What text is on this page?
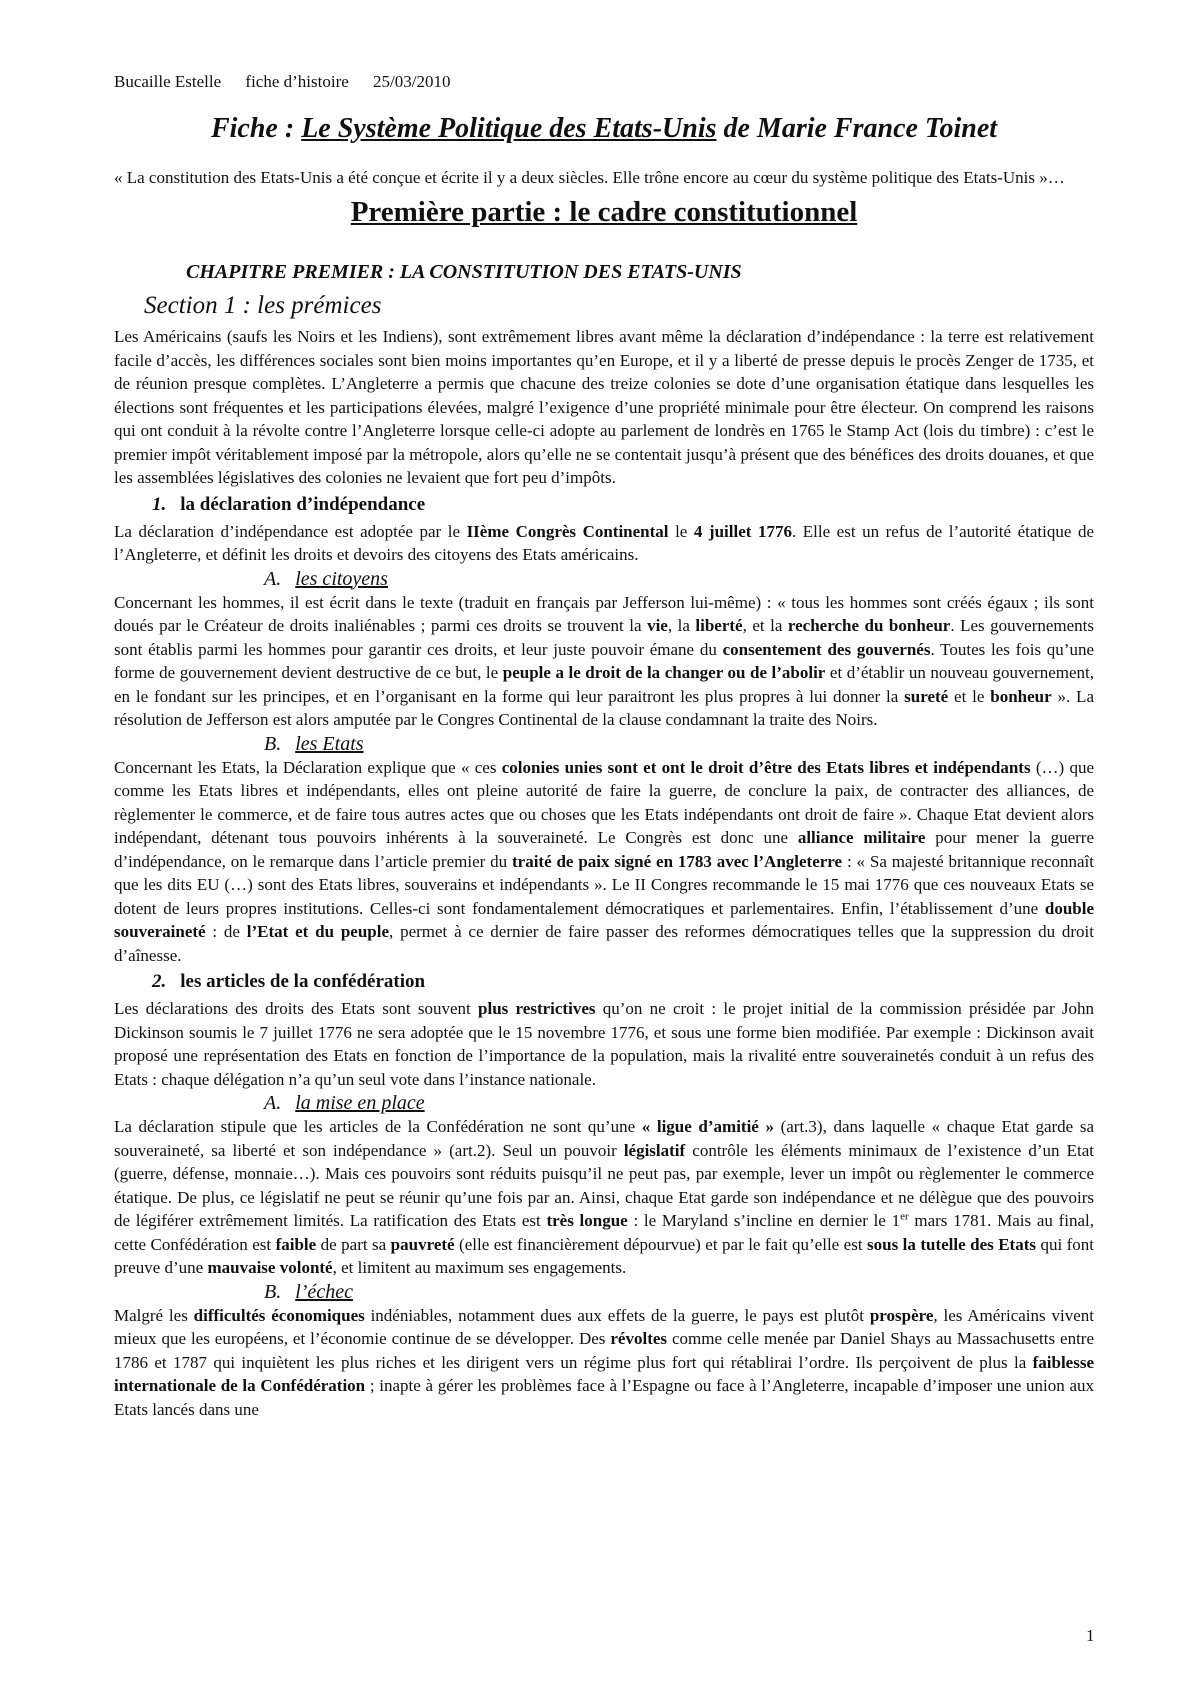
Bucaille Estelle fiche d’histoire 25/03/2010
Fiche : Le Système Politique des Etats-Unis de Marie France Toinet

« La constitution des Etats-Unis a été conçue et écrite il y a deux siècles. Elle trône encore au cœur du système politique des Etats-Unis »…

Première partie : le cadre constitutionnel
CHAPITRE PREMIER : LA CONSTITUTION DES ETATS-UNIS
Section 1 : les prémices

Les Américains (saufs les Noirs et les Indiens), sont extrêmement libres avant même la déclaration d’indépendance : la terre est relativement facile d’accès, les différences sociales sont bien moins importantes qu’en Europe, et il y a liberté de presse depuis le procès Zenger de 1735, et de réunion presque complètes. L’Angleterre a permis que chacune des treize colonies se dote d’une organisation étatique dans lesquelles les élections sont fréquentes et les participations élevées, malgré l’exigence d’une propriété minimale pour être électeur. On comprend les raisons qui ont conduit à la révolte contre l’Angleterre lorsque celle-ci adopte au parlement de londrès en 1765 le Stamp Act (lois du timbre) : c’est le premier impôt véritablement imposé par la métropole, alors qu’elle ne se contentait jusqu’à présent que des bénéfices des droits douanes, et que les assemblées législatives des colonies ne levaient que fort peu d’impôts.

1. la déclaration d’indépendance

La déclaration d’indépendance est adoptée par le IIème Congrès Continental le 4 juillet 1776. Elle est un refus de l’autorité étatique de l’Angleterre, et définit les droits et devoirs des citoyens des Etats américains.

A. les citoyens

Concernant les hommes, il est écrit dans le texte (traduit en français par Jefferson lui-même) : « tous les hommes sont créés égaux ; ils sont doués par le Créateur de droits inaliénables ; parmi ces droits se trouvent la vie, la liberté, et la recherche du bonheur. Les gouvernements sont établis parmi les hommes pour garantir ces droits, et leur juste pouvoir émane du consentement des gouvernés. Toutes les fois qu’une forme de gouvernement devient destructive de ce but, le peuple a le droit de la changer ou de l’abolir et d’établir un nouveau gouvernement, en le fondant sur les principes, et en l’organisant en la forme qui leur paraitront les plus propres à lui donner la sureté et le bonheur ». La résolution de Jefferson est alors amputée par le Congres Continental de la clause condamnant la traite des Noirs.

B. les Etats

Concernant les Etats, la Déclaration explique que « ces colonies unies sont et ont le droit d’être des Etats libres et indépendants (…) que comme les Etats libres et indépendants, elles ont pleine autorité de faire la guerre, de conclure la paix, de contracter des alliances, de règlementer le commerce, et de faire tous autres actes que ou choses que les Etats indépendants ont droit de faire ». Chaque Etat devient alors indépendant, détenant tous pouvoirs inhérents à la souveraineté. Le Congrès est donc une alliance militaire pour mener la guerre d’indépendance, on le remarque dans l’article premier du traité de paix signé en 1783 avec l’Angleterre : « Sa majesté britannique reconnaît que les dits EU (…) sont des Etats libres, souverains et indépendants ». Le II Congres recommande le 15 mai 1776 que ces nouveaux Etats se dotent de leurs propres institutions. Celles-ci sont fondamentalement démocratiques et parlementaires. Enfin, l’établissement d’une double souveraineté : de l’Etat et du peuple, permet à ce dernier de faire passer des reformes démocratiques telles que la suppression du droit d’aînesse.

2. les articles de la confédération

Les déclarations des droits des Etats sont souvent plus restrictives qu’on ne croit : le projet initial de la commission présidée par John Dickinson soumis le 7 juillet 1776 ne sera adoptée que le 15 novembre 1776, et sous une forme bien modifiée. Par exemple : Dickinson avait proposé une représentation des Etats en fonction de l’importance de la population, mais la rivalité entre souverainetés conduit à un refus des Etats : chaque délégation n’a qu’un seul vote dans l’instance nationale.

A. la mise en place

La déclaration stipule que les articles de la Confédération ne sont qu’une « ligue d’amitié » (art.3), dans laquelle « chaque Etat garde sa souveraineté, sa liberté et son indépendance » (art.2). Seul un pouvoir législatif contrôle les éléments minimaux de l’existence d’un Etat (guerre, défense, monnaie…). Mais ces pouvoirs sont réduits puisqu’il ne peut pas, par exemple, lever un impôt ou règlementer le commerce étatique. De plus, ce législatif ne peut se réunir qu’une fois par an. Ainsi, chaque Etat garde son indépendance et ne délègue que des pouvoirs de légiférer extrêmement limités. La ratification des Etats est très longue : le Maryland s’incline en dernier le 1er mars 1781. Mais au final, cette Confédération est faible de part sa pauvreté (elle est financièrement dépourvue) et par le fait qu’elle est sous la tutelle des Etats qui font preuve d’une mauvaise volonté, et limitent au maximum ses engagements.

B. l’échec

Malgré les difficultés économiques indéniables, notamment dues aux effets de la guerre, le pays est plutôt prospère, les Américains vivent mieux que les européens, et l’économie continue de se développer. Des révoltes comme celle menée par Daniel Shays au Massachusetts entre 1786 et 1787 qui inquiètent les plus riches et les dirigent vers un régime plus fort qui rétablirai l’ordre. Ils perçoivent de plus la faiblesse internationale de la Confédération ; inapte à gérer les problèmes face à l’Espagne ou face à l’Angleterre, incapable d’imposer une union aux Etats lancés dans une

1
